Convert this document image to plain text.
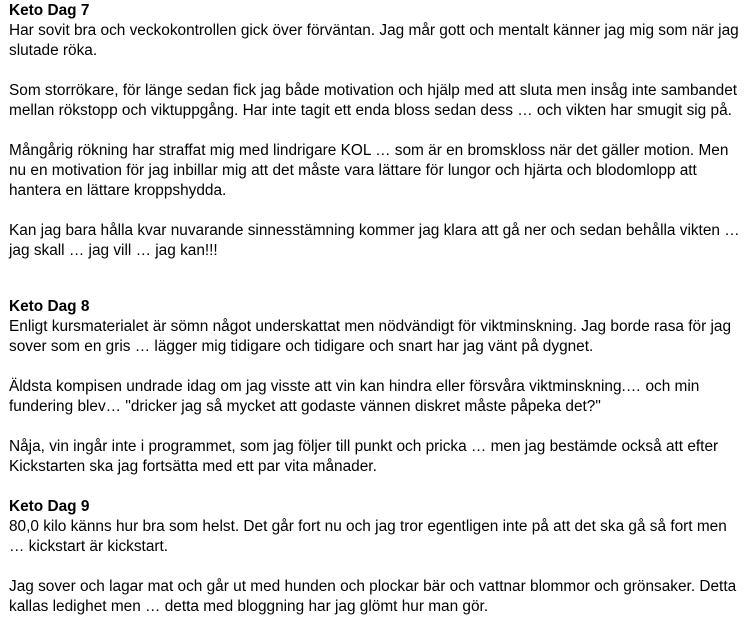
Keto Dag 7

Har sovit bra och veckokontrollen gick över förväntan. Jag mår gott och mentalt känner jag mig som när jag slutade röka.

Som storrökare, för länge sedan fick jag både motivation och hjälp med att sluta men insåg inte sambandet mellan rökstopp och viktuppgång. Har inte tagit ett enda bloss sedan dess … och vikten har smugit sig på.

Mångårig rökning har straffat mig med lindrigare KOL … som är en bromskloss när det gäller motion. Men nu en motivation för jag inbillar mig att det måste vara lättare för lungor och hjärta och blodomlopp att hantera en lättare kroppshydda.

Kan jag bara hålla kvar nuvarande sinnesstämning kommer jag klara att gå ner och sedan behålla vikten … jag skall … jag vill … jag kan!!!

Keto Dag 8

Enligt kursmaterialet är sömn något underskattat men nödvändigt för viktminskning. Jag borde rasa för jag sover som en gris … lägger mig tidigare och tidigare och snart har jag vänt på dygnet.

Äldsta kompisen undrade idag om jag visste att vin kan hindra eller försvåra viktminskning.… och min fundering blev… "dricker jag så mycket att godaste vännen diskret måste påpeka det?"

Nåja, vin ingår inte i programmet, som jag följer till punkt och pricka … men jag bestämde också att efter Kickstarten ska jag fortsätta med ett par vita månader.

Keto Dag 9

80,0 kilo känns hur bra som helst. Det går fort nu och jag tror egentligen inte på att det ska gå så fort men … kickstart är kickstart.

Jag sover och lagar mat och går ut med hunden och plockar bär och vattnar blommor och grönsaker. Detta kallas ledighet men … detta med bloggning har jag glömt hur man gör.
